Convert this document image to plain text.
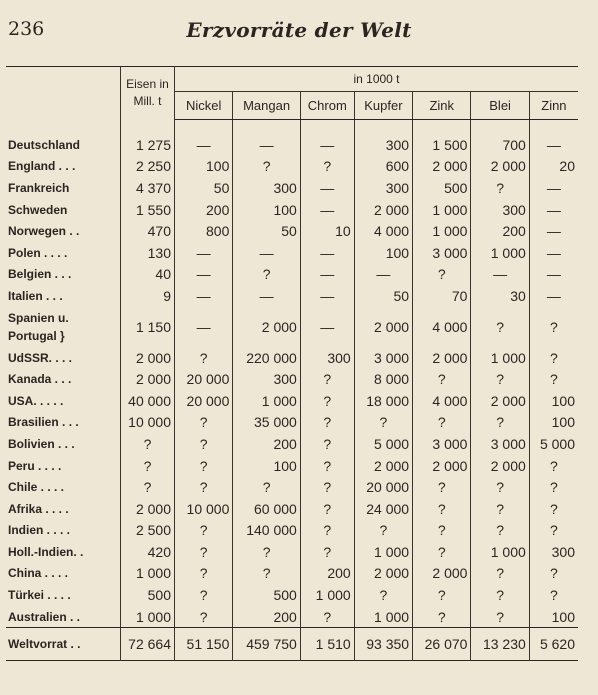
236	Erzvorräte der Welt
	Eisen in Mill. t	in 1000 t						
		Nickel	Mangan	Chrom	Kupfer	Zink	Blei	Zinn

Deutschland	1 275	—	—	—	300	1 500	700	—
England . . .	2 250	100	?	?	600	2 000	2 000	20
Frankreich	4 370	50	300	—	300	500	?	—
Schweden	1 550	200	100	—	2 000	1 000	300	—
Norwegen . .	470	800	50	10	4 000	1 000	200	—
Polen . . . .	130	—	—	—	100	3 000	1 000	—
Belgien . . .	40	—	?	—	—	?	—	—
Italien . . .	9	—	—	—	50	70	30	—
Spanien u. Portugal }	1 150	—	2 000	—	2 000	4 000	?	?
UdSSR. . . .	2 000	?	220 000	300	3 000	2 000	1 000	?
Kanada . . .	2 000	20 000	300	?	8 000	?	?	?
USA. . . . .	40 000	20 000	1 000	?	18 000	4 000	2 000	100
Brasilien . . .	10 000	?	35 000	?	?	?	?	100
Bolivien . . .	?	?	200	?	5 000	3 000	3 000	5 000
Peru . . . .	?	?	100	?	2 000	2 000	2 000	?
Chile . . . .	?	?	?	?	20 000	?	?	?
Afrika . . . .	2 000	10 000	60 000	?	24 000	?	?	?
Indien . . . .	2 500	?	140 000	?	?	?	?	?
Holl.-Indien. .	420	?	?	?	1 000	?	1 000	300
China . . . .	1 000	?	?	200	2 000	2 000	?	?
Türkei . . . .	500	?	500	1 000	?	?	?	?
Australien . .	1 000	?	200	?	1 000	?	?	100
Weltvorrat . .	72 664	51 150	459 750	1 510	93 350	26 070	13 230	5 620
